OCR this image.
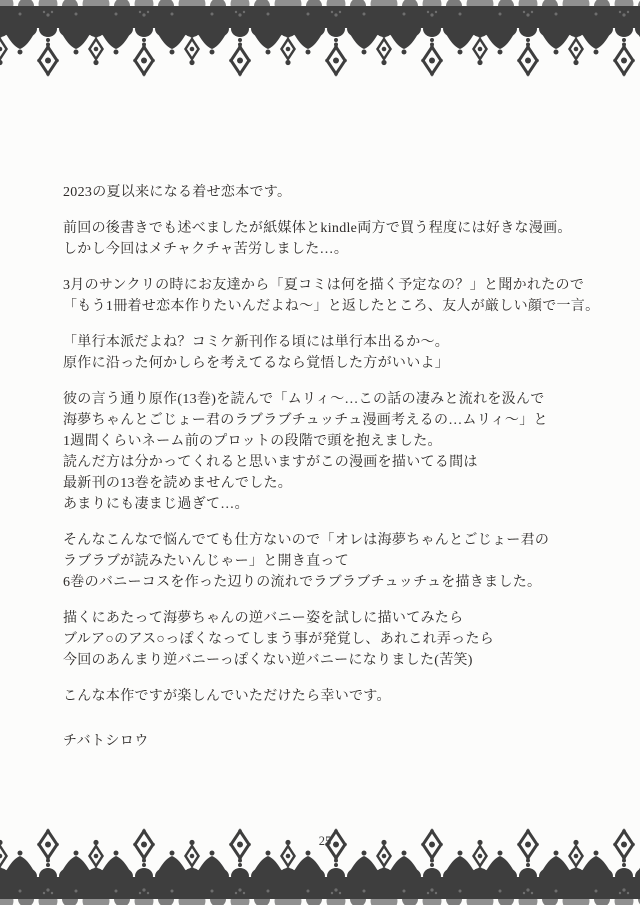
2023の夏以来になる着せ恋本です。
前回の後書きでも述べましたが紙媒体とkindle両方で買う程度には好きな漫画。
しかし今回はメチャクチャ苦労しました…。
3月のサンクリの時にお友達から「夏コミは何を描く予定なの？」と聞かれたので
「もう1冊着せ恋本作りたいんだよね〜」と返したところ、友人が厳しい顔で一言。
「単行本派だよね？コミケ新刊作る頃には単行本出るか〜。
原作に沿った何かしらを考えてるなら覚悟した方がいいよ」
彼の言う通り原作(13巻)を読んで「ムリィ〜…この話の凄みと流れを汲んで
海夢ちゃんとごじょー君のラブラブチュッチュ漫画考えるの…ムリィ〜」と
1週間くらいネーム前のプロットの段階で頭を抱えました。
読んだ方は分かってくれると思いますがこの漫画を描いてる間は
最新刊の13巻を読めませんでした。
あまりにも凄まじ過ぎて…。
そんなこんなで悩んでても仕方ないので「オレは海夢ちゃんとごじょー君の
ラブラブが読みたいんじゃー」と開き直って
6巻のバニーコスを作った辺りの流れでラブラブチュッチュを描きました。
描くにあたって海夢ちゃんの逆バニー姿を試しに描いてみたら
ブルア○のアス○っぽくなってしまう事が発覚し、あれこれ弄ったら
今回のあんまり逆バニーっぽくない逆バニーになりました(苦笑)
こんな本作ですが楽しんでいただけたら幸いです。
チバトシロウ
25
